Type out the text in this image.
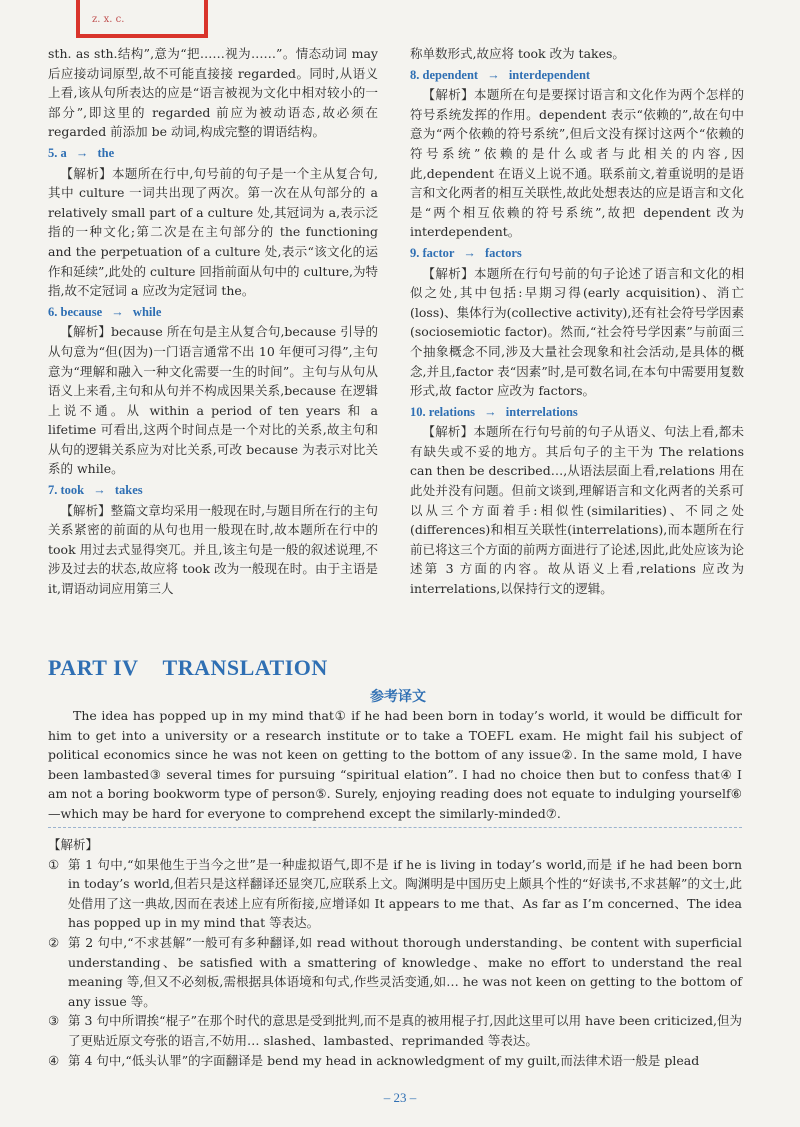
z. x. c.

sth. as sth.结构”,意为“把……视为……”。情态动词 may 后应接动词原型,故不可能直接接 regarded。同时,从语义上看,该从句所表达的应是“语言被视为文化中相对较小的一部分”,即这里的 regarded 前应为被动语态,故必须在 regarded 前添加 be 动词,构成完整的谓语结构。

5. a → the

【解析】本题所在行中,句号前的句子是一个主从复合句,其中 culture 一词共出现了两次。第一次在从句部分的 a relatively small part of a culture 处,其冠词为 a,表示泛指的一种文化;第二次是在主句部分的 the functioning and the perpetuation of a culture 处,表示“该文化的运作和延续”,此处的 culture 回指前面从句中的 culture,为特指,故不定冠词 a 应改为定冠词 the。

6. because → while

【解析】because 所在句是主从复合句,because 引导的从句意为“但(因为)一门语言通常不出 10 年便可习得”,主句意为“理解和融入一种文化需要一生的时间”。主句与从句从语义上来看,主句和从句并不构成因果关系,because 在逻辑上说不通。从 within a period of ten years 和 a lifetime 可看出,这两个时间点是一个对比的关系,故主句和从句的逻辑关系应为对比关系,可改 because 为表示对比关系的 while。

7. took → takes

【解析】整篇文章均采用一般现在时,与题目所在行的主句关系紧密的前面的从句也用一般现在时,故本题所在行中的 took 用过去式显得突兀。并且,该主句是一般的叙述说理,不涉及过去的状态,故应将 took 改为一般现在时。由于主语是 it,谓语动词应用第三人

称单数形式,故应将 took 改为 takes。

8. dependent → interdependent

【解析】本题所在句是要探讨语言和文化作为两个怎样的符号系统发挥的作用。dependent 表示“依赖的”,故在句中意为“两个依赖的符号系统”,但后文没有探讨这两个“依赖的符号系统”依赖的是什么或者与此相关的内容,因此,dependent 在语义上说不通。联系前文,着重说明的是语言和文化两者的相互关联性,故此处想表达的应是语言和文化是“两个相互依赖的符号系统”,故把 dependent 改为 interdependent。

9. factor → factors

【解析】本题所在行句号前的句子论述了语言和文化的相似之处,其中包括:早期习得(early acquisition)、消亡(loss)、集体行为(collective activity),还有社会符号学因素(sociosemiotic factor)。然而,“社会符号学因素”与前面三个抽象概念不同,涉及大量社会现象和社会活动,是具体的概念,并且,factor 表“因素”时,是可数名词,在本句中需要用复数形式,故 factor 应改为 factors。

10. relations → interrelations

【解析】本题所在行句号前的句子从语义、句法上看,都未有缺失或不妥的地方。其后句子的主干为 The relations can then be described…,从语法层面上看,relations 用在此处并没有问题。但前文谈到,理解语言和文化两者的关系可以从三个方面着手:相似性(similarities)、不同之处(differences)和相互关联性(interrelations),而本题所在行前已将这三个方面的前两方面进行了论述,因此,此处应该为论述第 3 方面的内容。故从语义上看,relations 应改为 interrelations,以保持行文的逻辑。

PART IV TRANSLATION
参考译文

The idea has popped up in my mind that① if he had been born in today’s world, it would be difficult for him to get into a university or a research institute or to take a TOEFL exam. He might fail his subject of political economics since he was not keen on getting to the bottom of any issue②. In the same mold, I have been lambasted③ several times for pursuing “spiritual elation”. I had no choice then but to confess that④ I am not a boring bookworm type of person⑤. Surely, enjoying reading does not equate to indulging yourself⑥—which may be hard for everyone to comprehend except the similarly-minded⑦.

【解析】
① 第 1 句中,“如果他生于当今之世”是一种虚拟语气,即不是 if he is living in today’s world,而是 if he had been born in today’s world,但若只是这样翻译还显突兀,应联系上文。陶渊明是中国历史上颇具个性的“好读书,不求甚解”的文士,此处借用了这一典故,因而在表述上应有所衔接,应增译如 It appears to me that、As far as I’m concerned、The idea has popped up in my mind that 等表达。
② 第 2 句中,“不求甚解”一般可有多种翻译,如 read without thorough understanding、be content with superficial understanding、be satisfied with a smattering of knowledge、make no effort to understand the real meaning 等,但又不必刻板,需根据具体语境和句式,作些灵活变通,如… he was not keen on getting to the bottom of any issue 等。
③ 第 3 句中所谓挨“棍子”在那个时代的意思是受到批判,而不是真的被用棍子打,因此这里可以用 have been criticized,但为了更贴近原文夸张的语言,不妨用… slashed、lambasted、reprimanded 等表达。
④ 第 4 句中,“低头认罪”的字面翻译是 bend my head in acknowledgment of my guilt,而法律术语一般是 plead
– 23 –
